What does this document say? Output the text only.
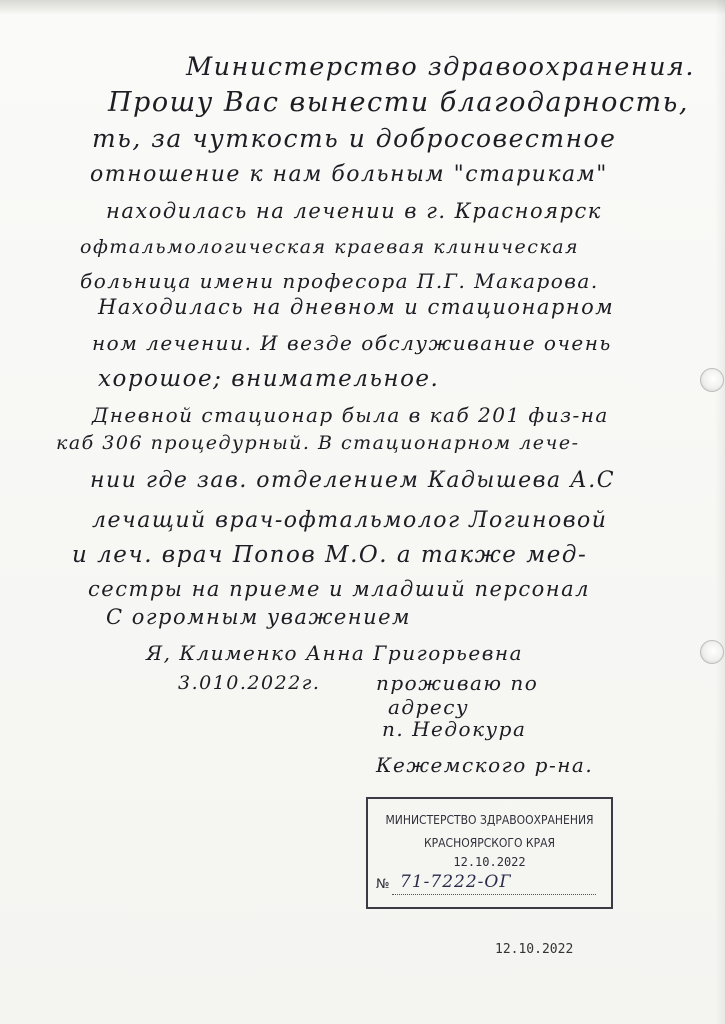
Министерство здравоохранения.
Прошу Вас вынести благодарность,
ть, за чуткость и добросовестное
отношение к нам больным "старикам"
находилась на лечении в г. Красноярск
офтальмологическая краевая клиническая
больница имени професора П.Г. Макарова.
Находилась на дневном и стационарном
ном лечении. И везде обслуживание очень
хорошое; внимательное.
Дневной стационар была в каб 201 физ-на
каб 306 процедурный. В стационарном лече-
нии где зав. отделением Кадышева А.С
лечащий врач-офтальмолог Логиновой
и леч. врач Попов М.О. а также мед-
сестры на приеме и младший персонал
С огромным уважением
Я, Клименко Анна Григорьевна
3.010.2022г.	проживаю по
адресу
п. Недокура
Кежемского р-на.
МИНИСТЕРСТВО ЗДРАВООХРАНЕНИЯ
КРАСНОЯРСКОГО КРАЯ
12.10.2022
№ 71-7222-ОГ
12.10.2022
